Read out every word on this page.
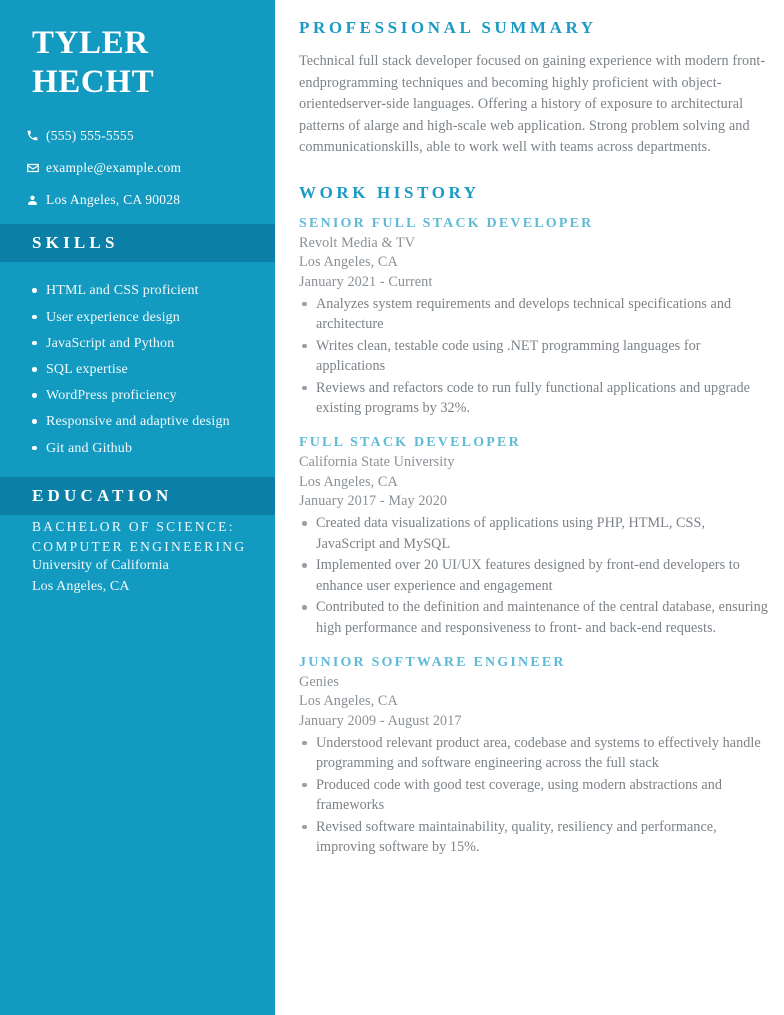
TYLER
HECHT
(555) 555-5555
example@example.com
Los Angeles, CA 90028
SKILLS
HTML and CSS proficient
User experience design
JavaScript and Python
SQL expertise
WordPress proficiency
Responsive and adaptive design
Git and Github
EDUCATION
BACHELOR OF SCIENCE: COMPUTER ENGINEERING
University of California
Los Angeles, CA
PROFESSIONAL SUMMARY

Technical full stack developer focused on gaining experience with modern front-endprogramming techniques and becoming highly proficient with object-orientedserver-side languages. Offering a history of exposure to architectural patterns of alarge and high-scale web application. Strong problem solving and communicationskills, able to work well with teams across departments.

WORK HISTORY
SENIOR FULL STACK DEVELOPER
Revolt Media & TV
Los Angeles, CA
January 2021 - Current
Analyzes system requirements and develops technical specifications and architecture
Writes clean, testable code using .NET programming languages for applications
Reviews and refactors code to run fully functional applications and upgrade existing programs by 32%.
FULL STACK DEVELOPER
California State University
Los Angeles, CA
January 2017 - May 2020
Created data visualizations of applications using PHP, HTML, CSS, JavaScript and MySQL
Implemented over 20 UI/UX features designed by front-end developers to enhance user experience and engagement
Contributed to the definition and maintenance of the central database, ensuring high performance and responsiveness to front- and back-end requests.
JUNIOR SOFTWARE ENGINEER
Genies
Los Angeles, CA
January 2009 - August 2017
Understood relevant product area, codebase and systems to effectively handle programming and software engineering across the full stack
Produced code with good test coverage, using modern abstractions and frameworks
Revised software maintainability, quality, resiliency and performance, improving software by 15%.
